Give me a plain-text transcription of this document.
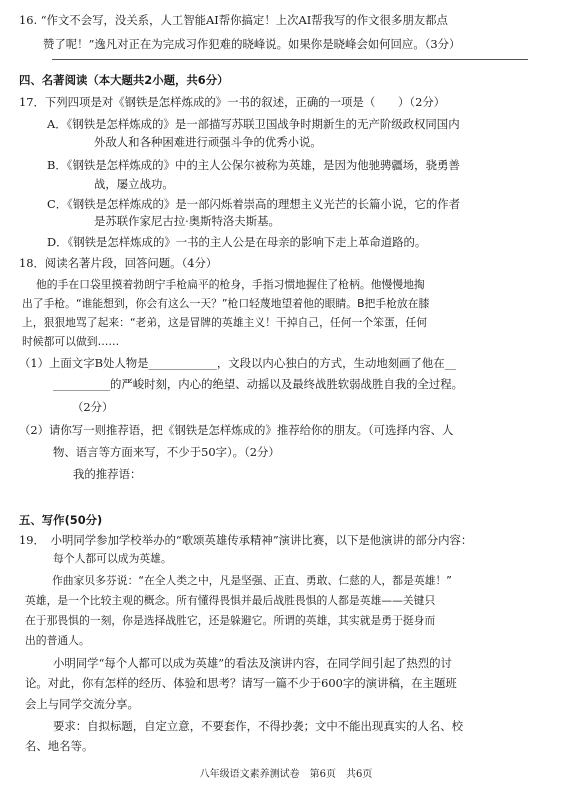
16. “作文不会写，没关系，人工智能AI帮你搞定！上次AI帮我写的作文很多朋友都点
赞了呢！”逸凡对正在为完成习作犯难的晓峰说。如果你是晓峰会如何回应。（3分）
四、名著阅读（本大题共2小题，共6分）
17．下列四项是对《钢铁是怎样炼成的》一书的叙述，正确的一项是（　　）（2分）
A．《钢铁是怎样炼成的》是一部描写苏联卫国战争时期新生的无产阶级政权同国内
外敌人和各种困难进行顽强斗争的优秀小说。
B．《钢铁是怎样炼成的》中的主人公保尔被称为英雄，是因为他驰骋疆场，骁勇善
战，屡立战功。
C．《钢铁是怎样炼成的》是一部闪烁着崇高的理想主义光芒的长篇小说，它的作者
是苏联作家尼古拉·奥斯特洛夫斯基。
D．《钢铁是怎样炼成的》一书的主人公是在母亲的影响下走上革命道路的。
18．阅读名著片段，回答问题。（4分）
他的手在口袋里摸着勃朗宁手枪扁平的枪身，手指习惯地握住了枪柄。他慢慢地掏
出了手枪。“谁能想到，你会有这么一天？”枪口轻蔑地望着他的眼睛。B把手枪放在膝
上，狠狠地骂了起来：“老弟，这是冒牌的英雄主义！干掉自己，任何一个笨蛋，任何
时候都可以做到……
（1）上面文字B处人物是____________，文段以内心独白的方式，生动地刻画了他在__
__________的严峻时刻，内心的绝望、动摇以及最终战胜软弱战胜自我的全过程。
（2分）
（2）请你写一则推荐语，把《钢铁是怎样炼成的》推荐给你的朋友。（可选择内容、人
物、语言等方面来写，不少于50字）。（2分）
我的推荐语：
五、写作(50分)
19．　小明同学参加学校举办的“歌颂英雄传承精神”演讲比赛，以下是他演讲的部分内容：
每个人都可以成为英雄。
作曲家贝多芬说：“在全人类之中，凡是坚强、正直、勇敢、仁慈的人，都是英雄！”
英雄，是一个比较主观的概念。所有懂得畏惧并最后战胜畏惧的人都是英雄——关键只
在于那畏惧的一刻，你是选择战胜它，还是躲避它。所谓的英雄，其实就是勇于挺身而
出的普通人。
小明同学“每个人都可以成为英雄”的看法及演讲内容，在同学间引起了热烈的讨
论。对此，你有怎样的经历、体验和思考？请写一篇不少于600字的演讲稿，在主题班
会上与同学交流分享。
要求：自拟标题，自定立意，不要套作，不得抄袭；文中不能出现真实的人名、校
名、地名等。
八年级语文素养测试卷　第6页　共6页
